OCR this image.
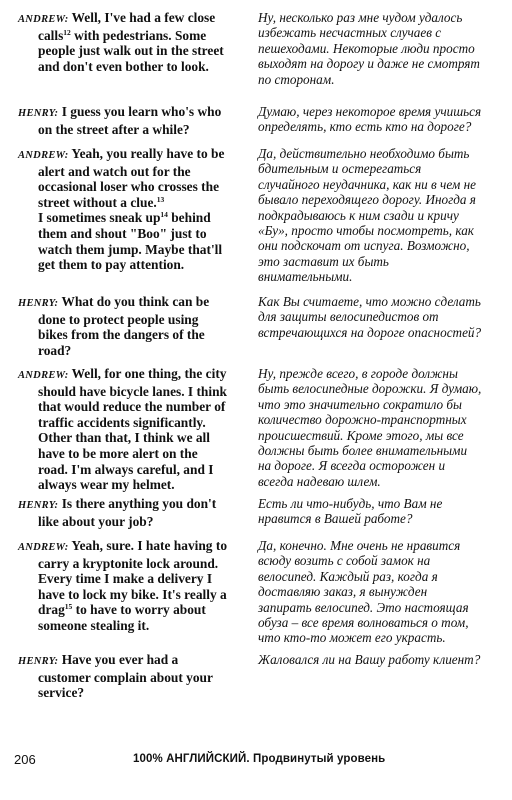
ANDREW: Well, I've had a few close
calls$^{12}$ with pedestrians. Some
people just walk out in the street
and don't even bother to look.
Ну, несколько раз мне чудом удалось
избежать несчастных случаев с
пешеходами. Некоторые люди просто
выходят на дорогу и даже не смотрят
по сторонам.
HENRY: I guess you learn who's who
on the street after a while?
Думаю, через некоторое время учишься
определять, кто есть кто на дороге?
ANDREW: Yeah, you really have to be
alert and watch out for the
occasional loser who crosses the
street without a clue.$^{13}$
I sometimes sneak $up^{14}$ behind
them and shout "Boo" just to
watch them jump. Maybe that'll
get them to pay attention.
Да, действительно необходимо быть
бдительным и остерегаться
случайного неудачника, как ни в чем не
бывало переходящего дорогу. Иногда я
подкрадываюсь к ним сзади и кричу
«Бу», просто чтобы посмотреть, как
они подскочат от испуга. Возможно,
это заставит их быть
внимательными.
HENRY: What do you think can be
done to protect people using
bikes from the dangers of the
road?
Как Вы считаете, что можно сделать
для защиты велосипедистов от
встречающихся на дороге опасностей?
ANDREW: Well, for one thing, the city
should have bicycle lanes. I think
that would reduce the number of
traffic accidents significantly.
Other than that, I think we all
have to be more alert on the
road. I'm always careful, and I
always wear my helmet.
Ну, прежде всего, в городе должны
быть велосипедные дорожки. Я думаю,
что это значительно сократило бы
количество дорожно-транспортных
происшествий. Кроме этого, мы все
должны быть более внимательными
на дороге. Я всегда осторожен и
всегда надеваю шлем.
HENRY: Is there anything you don't
like about your job?
Есть ли что-нибудь, что Вам не
нравится в Вашей работе?
ANDREW: Yeah, sure. I hate having to
carry a kryptonite lock around.
Every time I make a delivery I
have to lock my bike. It's really a
drag$^{15}$ to have to worry about
someone stealing it.
Да, конечно. Мне очень не нравится
всюду возить с собой замок на
велосипед. Каждый раз, когда я
доставляю заказ, я вынужден
запирать велосипед. Это настоящая
обуза – все время волноваться о том,
что кто-то может его украсть.
HENRY: Have you ever had a
customer complain about your
service?
Жаловался ли на Вашу работу клиент?
206	100% АНГЛИЙСКИЙ. Продвинутый уровень
